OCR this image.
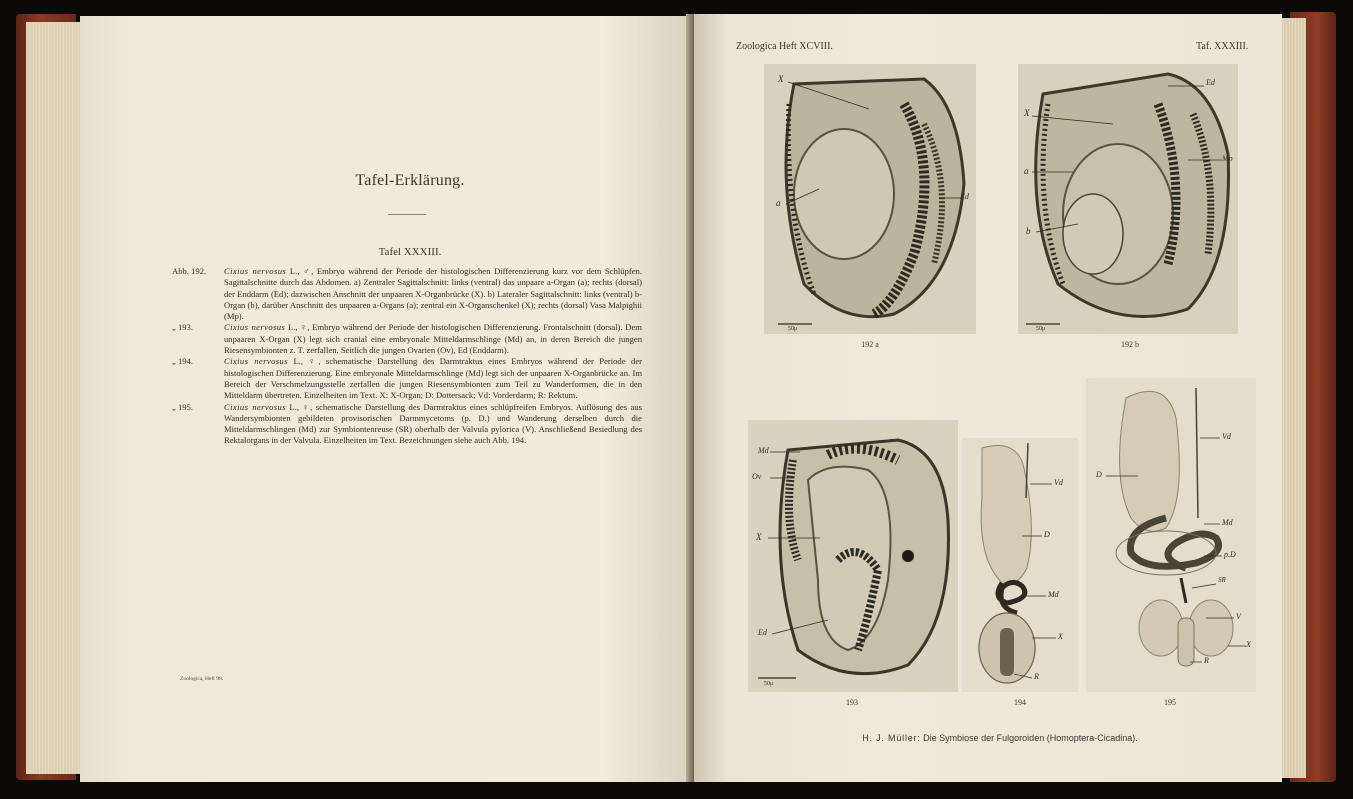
Tafel-Erklärung.
Tafel XXXIII.
Abb. 192.	Cixius nervosus L., ♂, Embryo während der Periode der histologischen Differenzierung kurz vor dem Schlüpfen. Sagittalschnitte durch das Abdomen. a) Zentraler Sagittalschnitt: links (ventral) das unpaare a-Organ (a); rechts (dorsal) der Enddarm (Ed); dazwischen Anschnitt der unpaaren X-Organbrücke (X). b) Lateraler Sagittalschnitt: links (ventral) b-Organ (b), darüber Anschnitt des unpaaren a-Organs (a); zentral ein X-Organschenkel (X); rechts (dorsal) Vasa Malpighii (Mp).
„ 193.	Cixius nervosus L., ♀, Embryo während der Periode der histologischen Differenzierung. Frontalschnitt (dorsal). Dem unpaaren X-Organ (X) legt sich cranial eine embryonale Mitteldarmschlinge (Md) an, in deren Bereich die jungen Riesensymbionten z. T. zerfallen. Seitlich die jungen Ovarien (Ov), Ed (Enddarm).
„ 194.	Cixius nervosus L., ♀, schematische Darstellung des Darmtraktus eines Embryos während der Periode der histologischen Differenzierung. Eine embryonale Mitteldarmschlinge (Md) legt sich der unpaaren X-Organbrücke an. Im Bereich der Verschmelzungsstelle zerfallen die jungen Riesensymbionten zum Teil zu Wanderformen, die in den Mitteldarm übertreten. Einzelheiten im Text. X: X-Organ; D: Dottersack; Vd: Vorderdarm; R: Rektum.
„ 195.	Cixius nervosus L., ♀, schematische Darstellung des Darmtraktus eines schlüpfreifen Embryos. Auflösung des aus Wandersymbionten gebildeten provisorischen Darmmycetoms (p. D.) und Wanderung derselben durch die Mitteldarmschlingen (Md) zur Symbiontenreuse (SR) oberhalb der Valvula pylorica (V). Anschließend Besiedlung des Rektalorgans in der Valvula. Einzelheiten im Text. Bezeichnungen siehe auch Abb. 194.
Zoologica, Heft 98.
Zoologica Heft XCVIII.	Taf. XXXIII.
X
a
Ed
50μ
192 a
Ed
X
Mp
a
b
50μ
192 b
Md
Ov
X
Ed
50μ
193
Vd
D
Md
X
R
194
Vd
D
Md
p.D
SR
V
X
R
195
H. J. Müller: Die Symbiose der Fulgoroiden (Homoptera-Cicadina).
